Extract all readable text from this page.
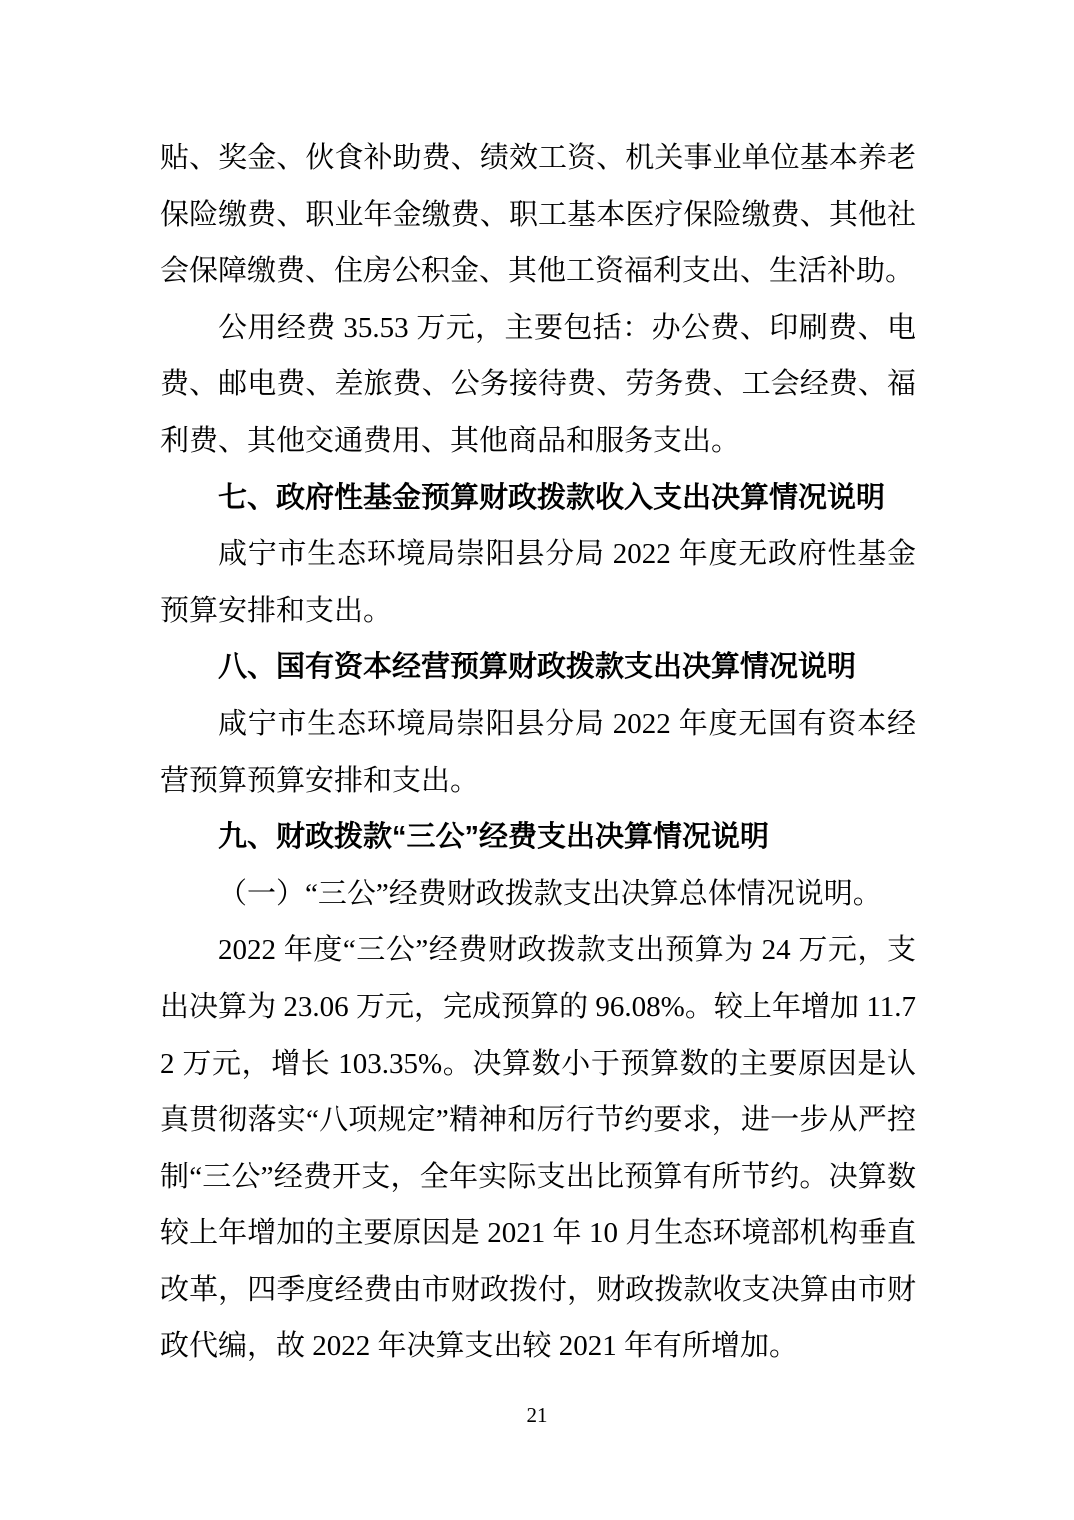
贴、奖金、伙食补助费、绩效工资、机关事业单位基本养老保险缴费、职业年金缴费、职工基本医疗保险缴费、其他社会保障缴费、住房公积金、其他工资福利支出、生活补助。

公用经费 35.53 万元，主要包括：办公费、印刷费、电费、邮电费、差旅费、公务接待费、劳务费、工会经费、福利费、其他交通费用、其他商品和服务支出。

七、政府性基金预算财政拨款收入支出决算情况说明

咸宁市生态环境局崇阳县分局 2022 年度无政府性基金预算安排和支出。

八、国有资本经营预算财政拨款支出决算情况说明

咸宁市生态环境局崇阳县分局 2022 年度无国有资本经营预算预算安排和支出。

九、财政拨款“三公”经费支出决算情况说明

（一）“三公”经费财政拨款支出决算总体情况说明。

2022 年度“三公”经费财政拨款支出预算为 24 万元，支出决算为 23.06 万元，完成预算的 96.08%。较上年增加 11.72 万元，增长 103.35%。决算数小于预算数的主要原因是认真贯彻落实“八项规定”精神和厉行节约要求，进一步从严控制“三公”经费开支，全年实际支出比预算有所节约。决算数较上年增加的主要原因是 2021 年 10 月生态环境部机构垂直改革，四季度经费由市财政拨付，财政拨款收支决算由市财政代编，故 2022 年决算支出较 2021 年有所增加。

21
